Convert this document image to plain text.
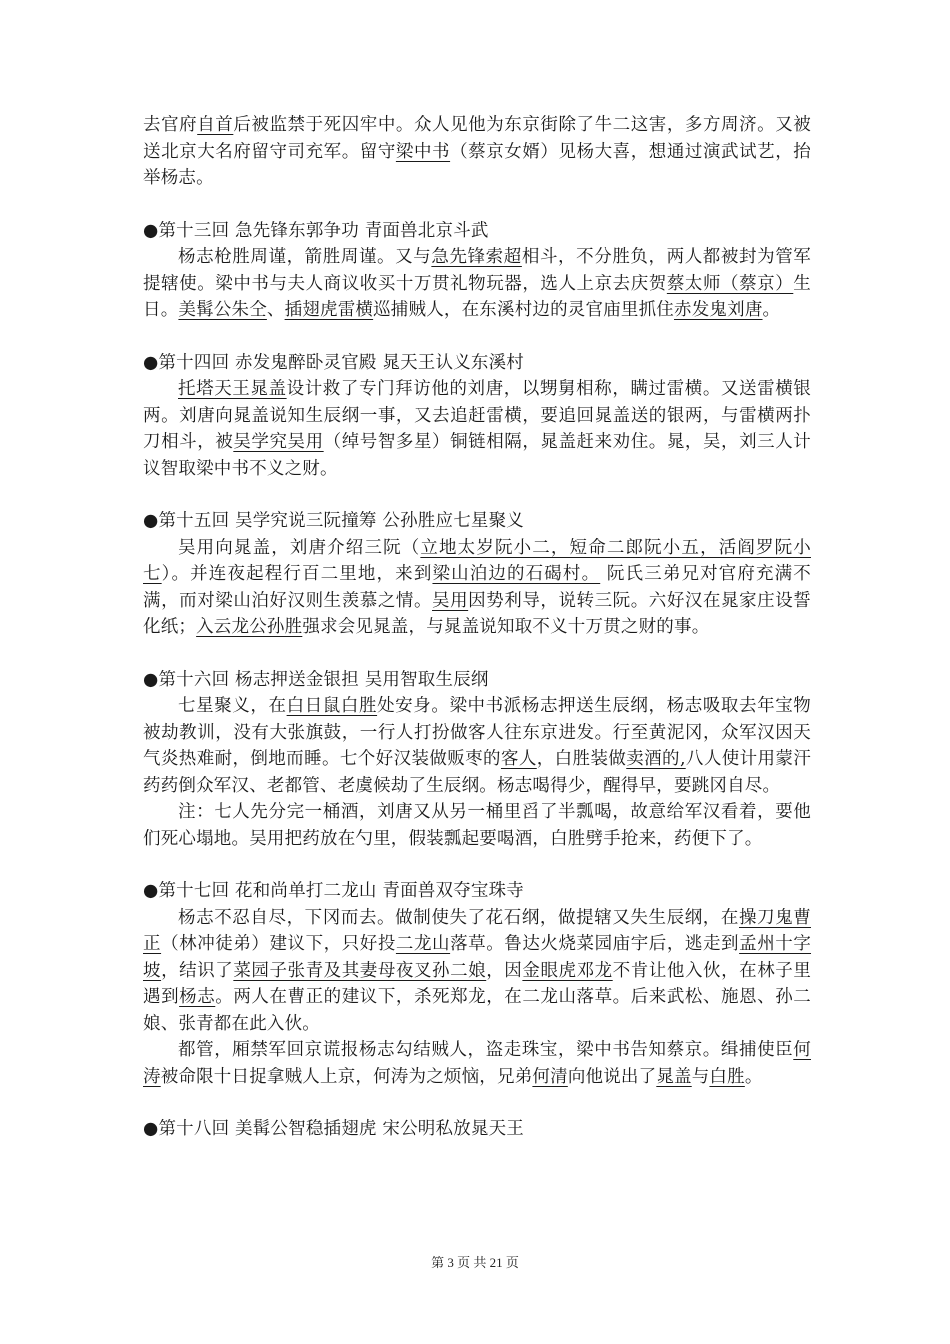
去官府自首后被监禁于死囚牢中。众人见他为东京街除了牛二这害，多方周济。又被送北京大名府留守司充军。留守梁中书（蔡京女婿）见杨大喜，想通过演武试艺，抬举杨志。

●第十三回 急先锋东郭争功 青面兽北京斗武

杨志枪胜周谨，箭胜周谨。又与急先锋索超相斗，不分胜负，两人都被封为管军提辖使。梁中书与夫人商议收买十万贯礼物玩器，选人上京去庆贺蔡太师（蔡京）生日。美髯公朱仝、插翅虎雷横巡捕贼人，在东溪村边的灵官庙里抓住赤发鬼刘唐。

●第十四回 赤发鬼醉卧灵官殿 晁天王认义东溪村

托塔天王晁盖设计救了专门拜访他的刘唐，以甥舅相称，瞒过雷横。又送雷横银两。刘唐向晁盖说知生辰纲一事，又去追赶雷横，要追回晁盖送的银两，与雷横两扑刀相斗，被吴学究吴用（绰号智多星）铜链相隔，晁盖赶来劝住。晁，吴，刘三人计议智取梁中书不义之财。

●第十五回 吴学究说三阮撞筹 公孙胜应七星聚义

吴用向晁盖，刘唐介绍三阮（立地太岁阮小二，短命二郎阮小五，活阎罗阮小七）。并连夜起程行百二里地，来到梁山泊边的石碣村。 阮氏三弟兄对官府充满不满，而对梁山泊好汉则生羡慕之情。吴用因势利导，说转三阮。六好汉在晁家庄设誓化纸；入云龙公孙胜强求会见晁盖，与晁盖说知取不义十万贯之财的事。

●第十六回 杨志押送金银担 吴用智取生辰纲

七星聚义，在白日鼠白胜处安身。梁中书派杨志押送生辰纲，杨志吸取去年宝物被劫教训，没有大张旗鼓，一行人打扮做客人往东京进发。行至黄泥冈，众军汉因天气炎热难耐，倒地而睡。七个好汉装做贩枣的客人，白胜装做卖酒的,八人使计用蒙汗药药倒众军汉、老都管、老虞候劫了生辰纲。杨志喝得少，醒得早，要跳冈自尽。

注：七人先分完一桶酒，刘唐又从另一桶里舀了半瓢喝，故意给军汉看着，要他们死心塌地。吴用把药放在勺里，假装瓢起要喝酒，白胜劈手抢来，药便下了。

●第十七回 花和尚单打二龙山 青面兽双夺宝珠寺

杨志不忍自尽，下冈而去。做制使失了花石纲，做提辖又失生辰纲，在操刀鬼曹正（林冲徒弟）建议下，只好投二龙山落草。鲁达火烧菜园庙宇后，逃走到孟州十字坡，结识了菜园子张青及其妻母夜叉孙二娘，因金眼虎邓龙不肯让他入伙，在林子里遇到杨志。两人在曹正的建议下，杀死郑龙，在二龙山落草。后来武松、施恩、孙二娘、张青都在此入伙。

都管，厢禁军回京谎报杨志勾结贼人，盗走珠宝，梁中书告知蔡京。缉捕使臣何涛被命限十日捉拿贼人上京，何涛为之烦恼，兄弟何清向他说出了晁盖与白胜。

●第十八回 美髯公智稳插翅虎 宋公明私放晁天王

第 3 页 共 21 页
